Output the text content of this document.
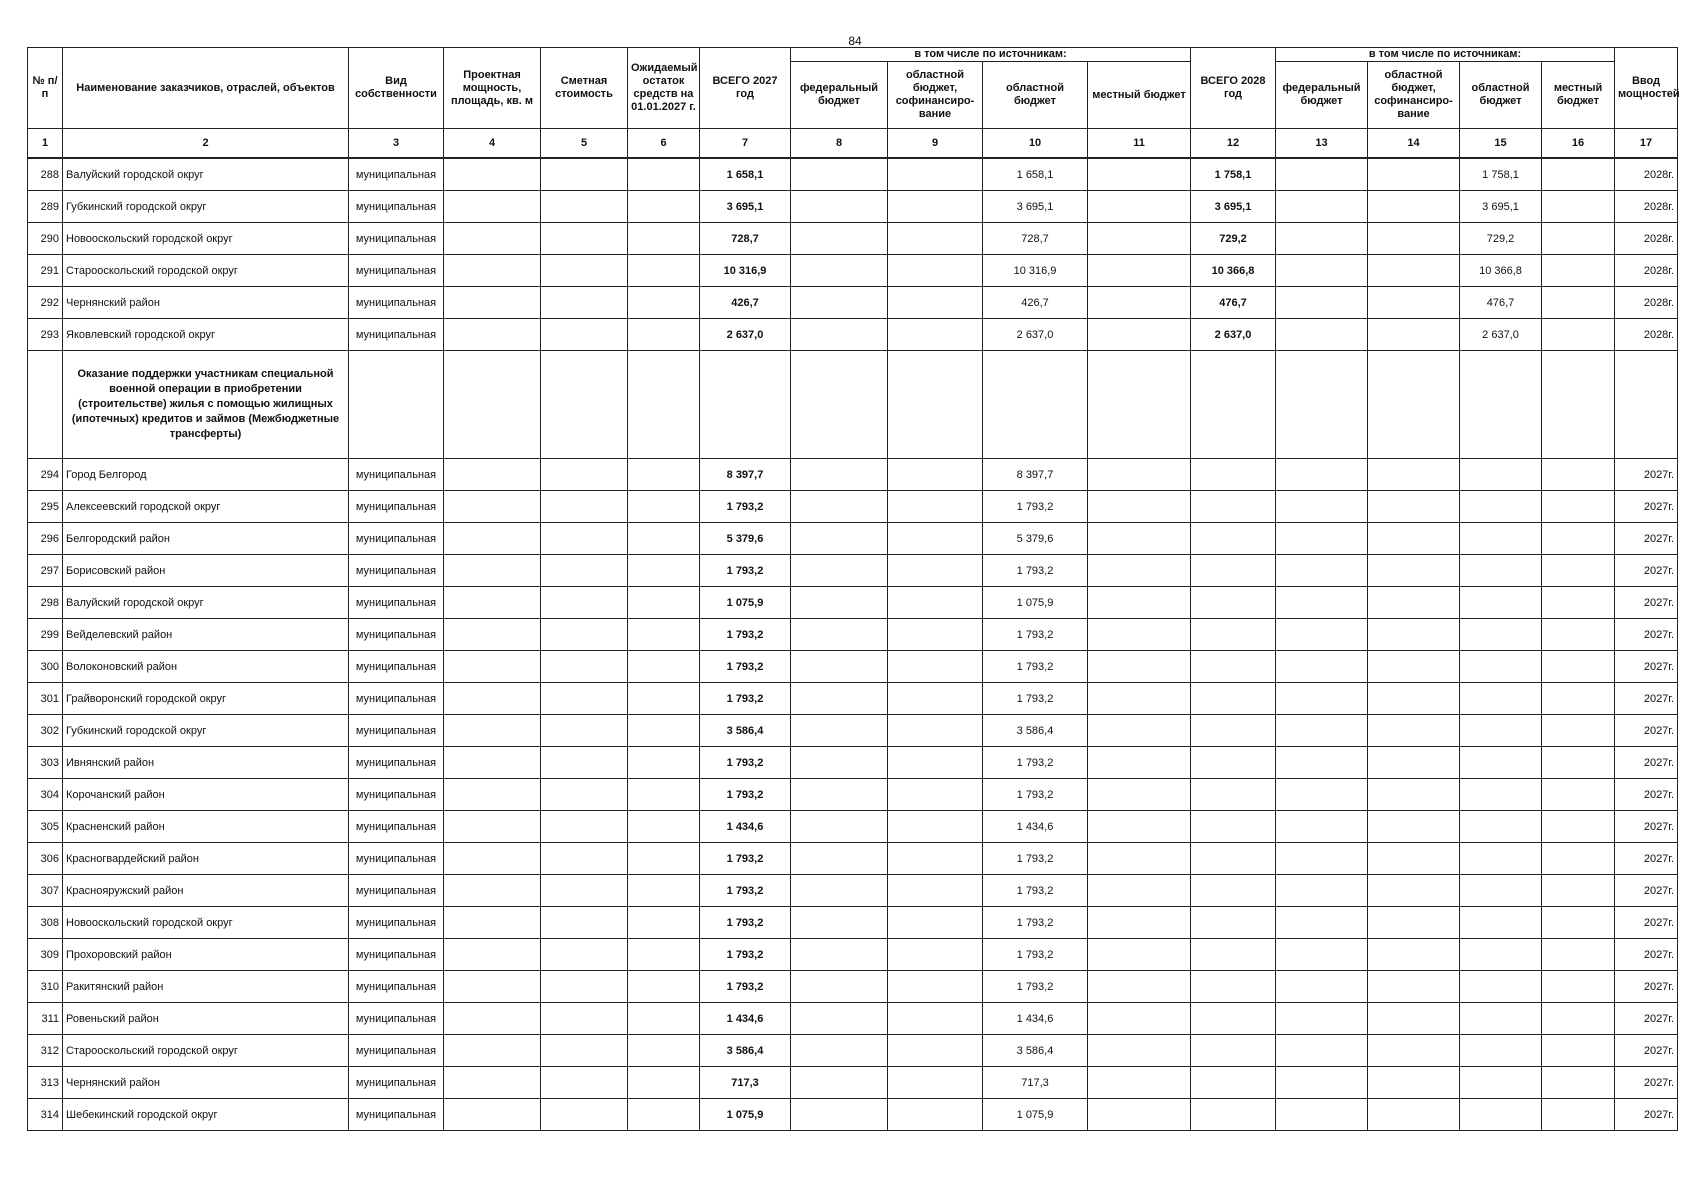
84
№ п/п	Наименование заказчиков, отраслей, объектов	Вид собственности	Проектная мощность, площадь, кв. м	Сметная стоимость	Ожидаемый остаток средств на 01.01.2027 г.	ВСЕГО 2027 год	в том числе по источникам:				ВСЕГО 2028 год	в том числе по источникам:				Ввод мощностей
							федеральный бюджет	областной бюджет, софинансиро-вание	областной бюджет	местный бюджет		федеральный бюджет	областной бюджет, софинансиро-вание	областной бюджет	местный бюджет	
1	2	3	4	5	6	7	8	9	10	11	12	13	14	15	16	17
288	Валуйский городской округ	муниципальная				1 658,1			1 658,1		1 758,1			1 758,1		2028г.
289	Губкинский городской округ	муниципальная				3 695,1			3 695,1		3 695,1			3 695,1		2028г.
290	Новооскольский городской округ	муниципальная				728,7			728,7		729,2			729,2		2028г.
291	Старооскольский городской округ	муниципальная				10 316,9			10 316,9		10 366,8			10 366,8		2028г.
292	Чернянский район	муниципальная				426,7			426,7		476,7			476,7		2028г.
293	Яковлевский городской округ	муниципальная				2 637,0			2 637,0		2 637,0			2 637,0		2028г.
	Оказание поддержки участникам специальной военной операции в приобретении (строительстве) жилья с помощью жилищных (ипотечных) кредитов и займов (Межбюджетные трансферты)															
294	Город Белгород	муниципальная				8 397,7			8 397,7							2027г.
295	Алексеевский городской округ	муниципальная				1 793,2			1 793,2							2027г.
296	Белгородский район	муниципальная				5 379,6			5 379,6							2027г.
297	Борисовский район	муниципальная				1 793,2			1 793,2							2027г.
298	Валуйский городской округ	муниципальная				1 075,9			1 075,9							2027г.
299	Вейделевский район	муниципальная				1 793,2			1 793,2							2027г.
300	Волоконовский район	муниципальная				1 793,2			1 793,2							2027г.
301	Грайворонский городской округ	муниципальная				1 793,2			1 793,2							2027г.
302	Губкинский городской округ	муниципальная				3 586,4			3 586,4							2027г.
303	Ивнянский район	муниципальная				1 793,2			1 793,2							2027г.
304	Корочанский район	муниципальная				1 793,2			1 793,2							2027г.
305	Красненский район	муниципальная				1 434,6			1 434,6							2027г.
306	Красногвардейский район	муниципальная				1 793,2			1 793,2							2027г.
307	Краснояружский район	муниципальная				1 793,2			1 793,2							2027г.
308	Новооскольский городской округ	муниципальная				1 793,2			1 793,2							2027г.
309	Прохоровский район	муниципальная				1 793,2			1 793,2							2027г.
310	Ракитянский район	муниципальная				1 793,2			1 793,2							2027г.
311	Ровеньский район	муниципальная				1 434,6			1 434,6							2027г.
312	Старооскольский городской округ	муниципальная				3 586,4			3 586,4							2027г.
313	Чернянский район	муниципальная				717,3			717,3							2027г.
314	Шебекинский городской округ	муниципальная				1 075,9			1 075,9							2027г.
